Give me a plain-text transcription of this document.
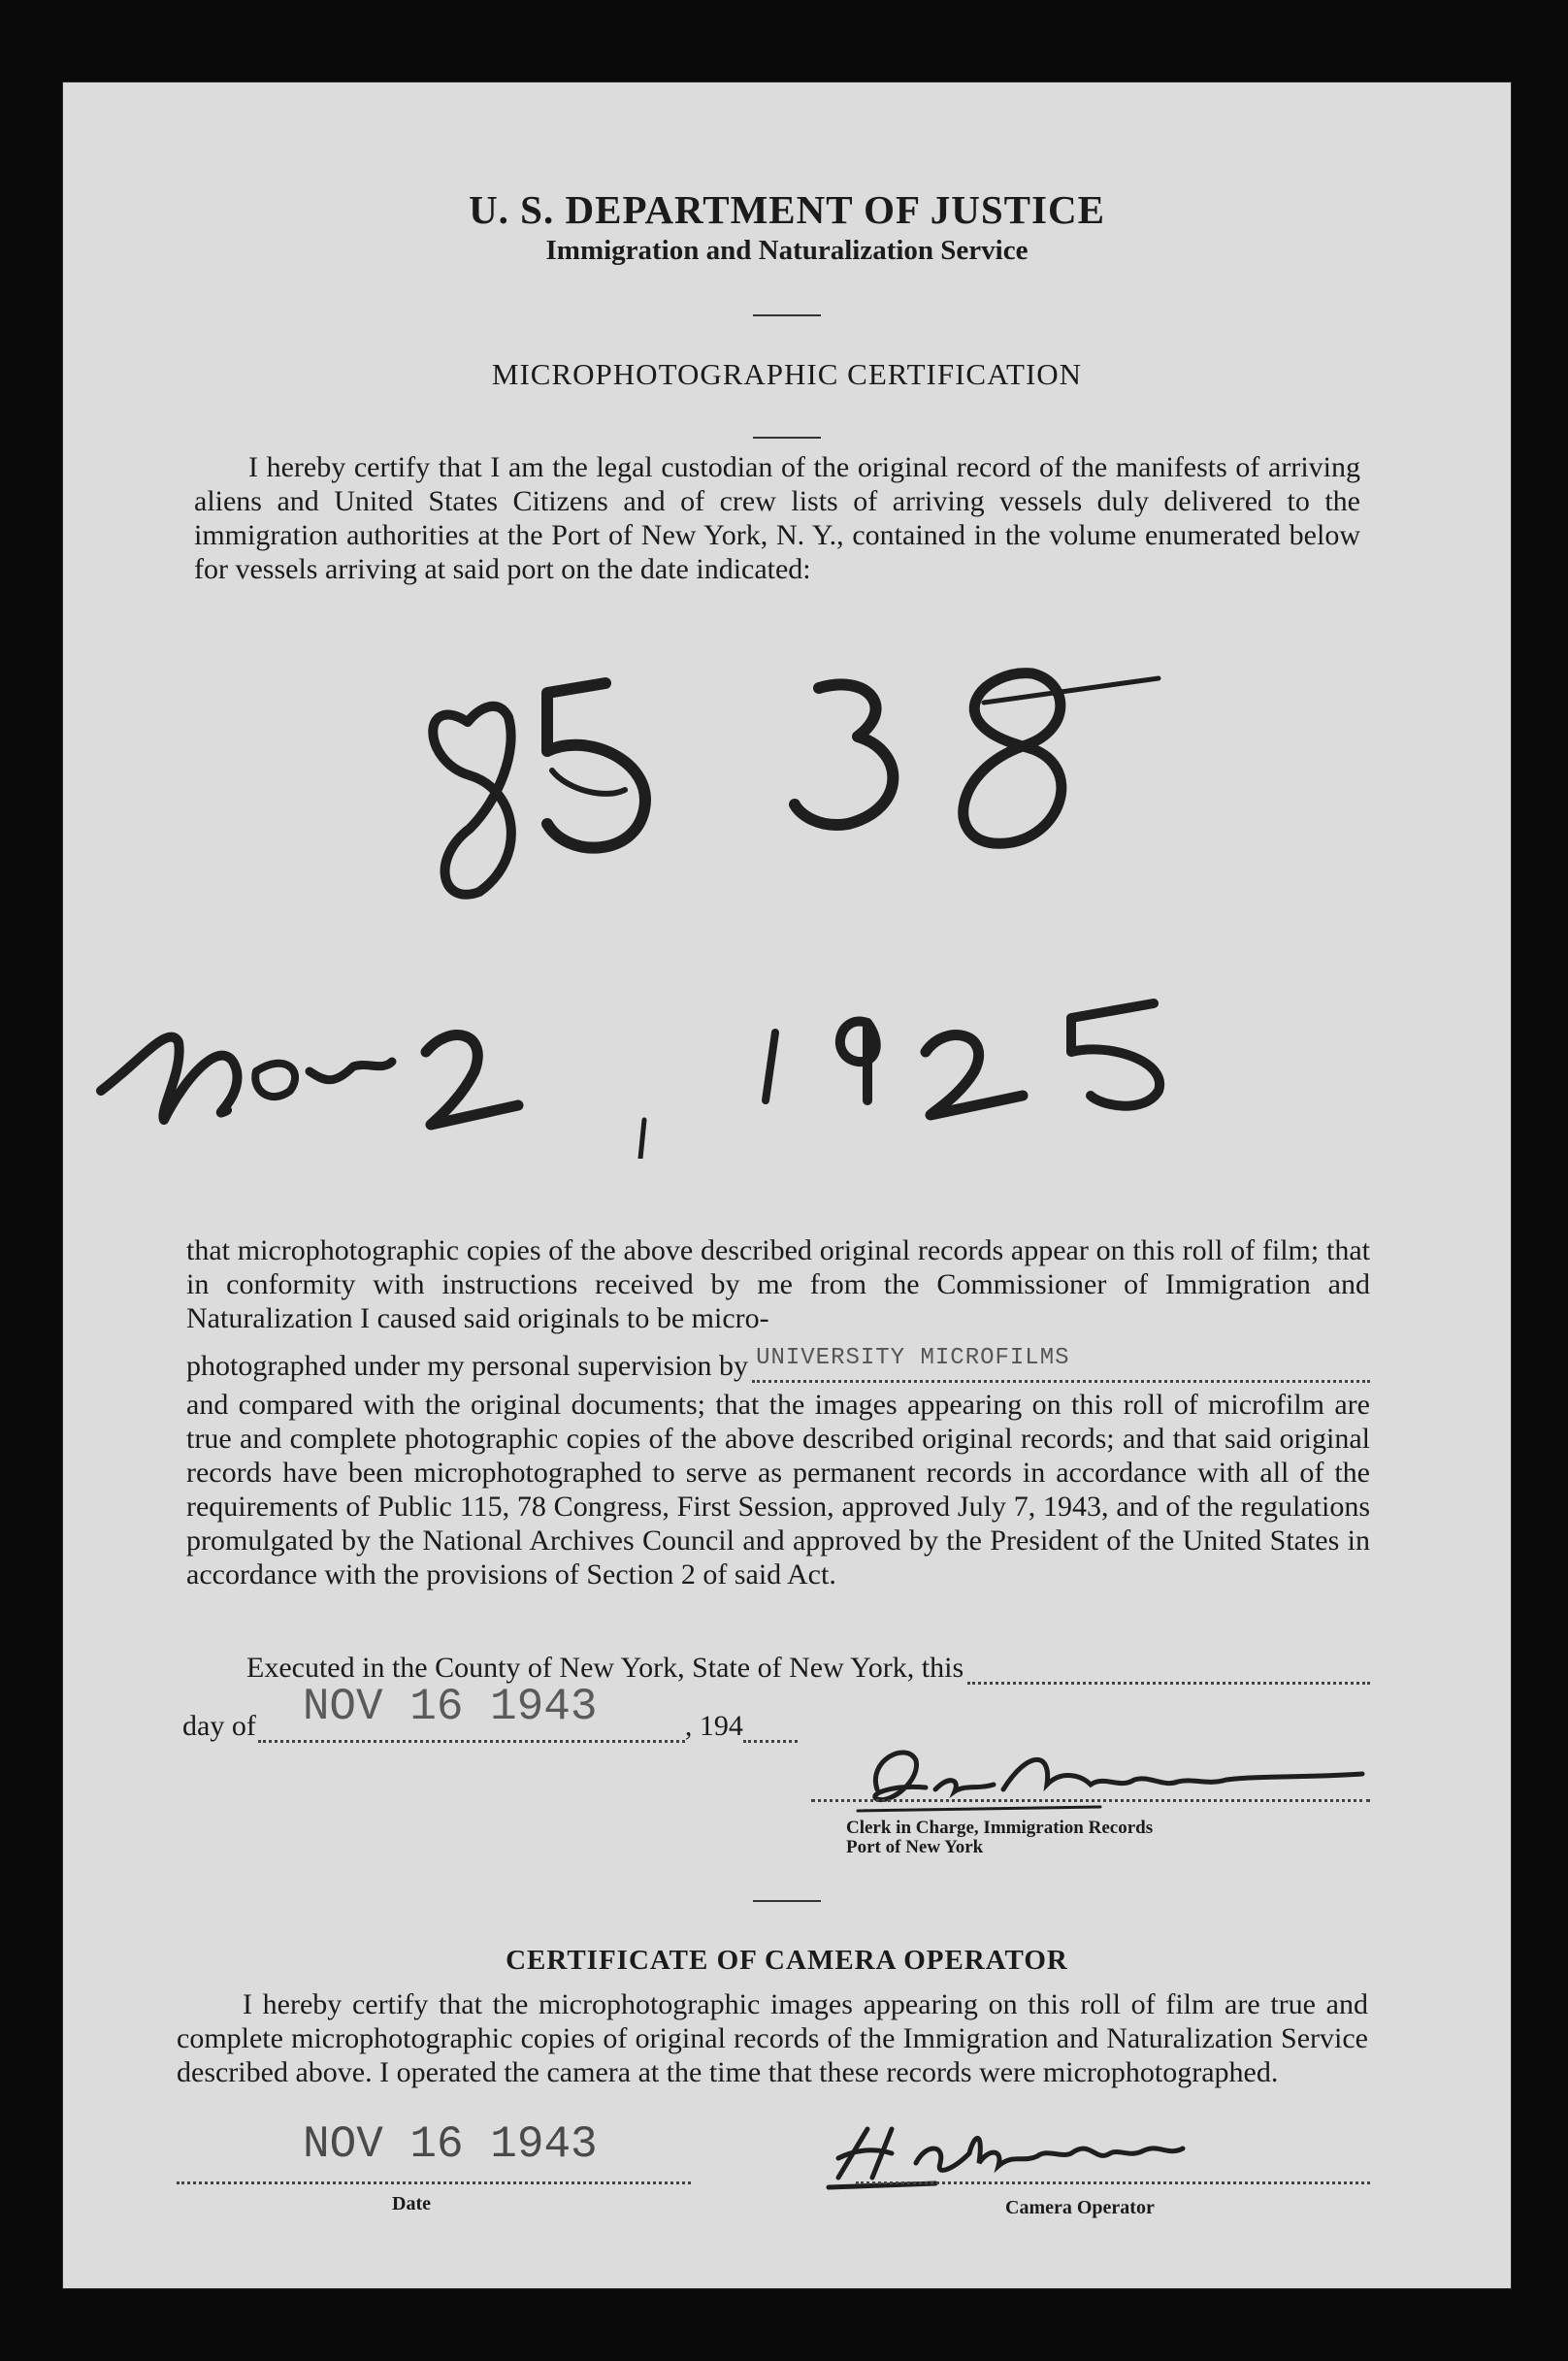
U. S. DEPARTMENT OF JUSTICE
Immigration and Naturalization Service
MICROPHOTOGRAPHIC CERTIFICATION
I hereby certify that I am the legal custodian of the original record of the manifests of arriving aliens and United States Citizens and of crew lists of arriving vessels duly delivered to the immigration authorities at the Port of New York, N. Y., contained in the volume enumerated below for vessels arriving at said port on the date indicated:
that microphotographic copies of the above described original records appear on this roll of film; that in conformity with instructions received by me from the Commissioner of Immigration and Naturalization I caused said originals to be micro-
photographed under my personal supervision by UNIVERSITY MICROFILMS
and compared with the original documents; that the images appearing on this roll of microfilm are true and complete photographic copies of the above described original records; and that said original records have been microphotographed to serve as permanent records in accordance with all of the requirements of Public 115, 78 Congress, First Session, approved July 7, 1943, and of the regulations promulgated by the National Archives Council and approved by the President of the United States in accordance with the provisions of Section 2 of said Act.
Executed in the County of New York, State of New York, this
day of NOV 16 1943	, 194
Clerk in Charge, Immigration Records
Port of New York
CERTIFICATE OF CAMERA OPERATOR
I hereby certify that the microphotographic images appearing on this roll of film are true and complete microphotographic copies of original records of the Immigration and Naturalization Service described above. I operated the camera at the time that these records were microphotographed.
NOV 16 1943
Date	Camera Operator
